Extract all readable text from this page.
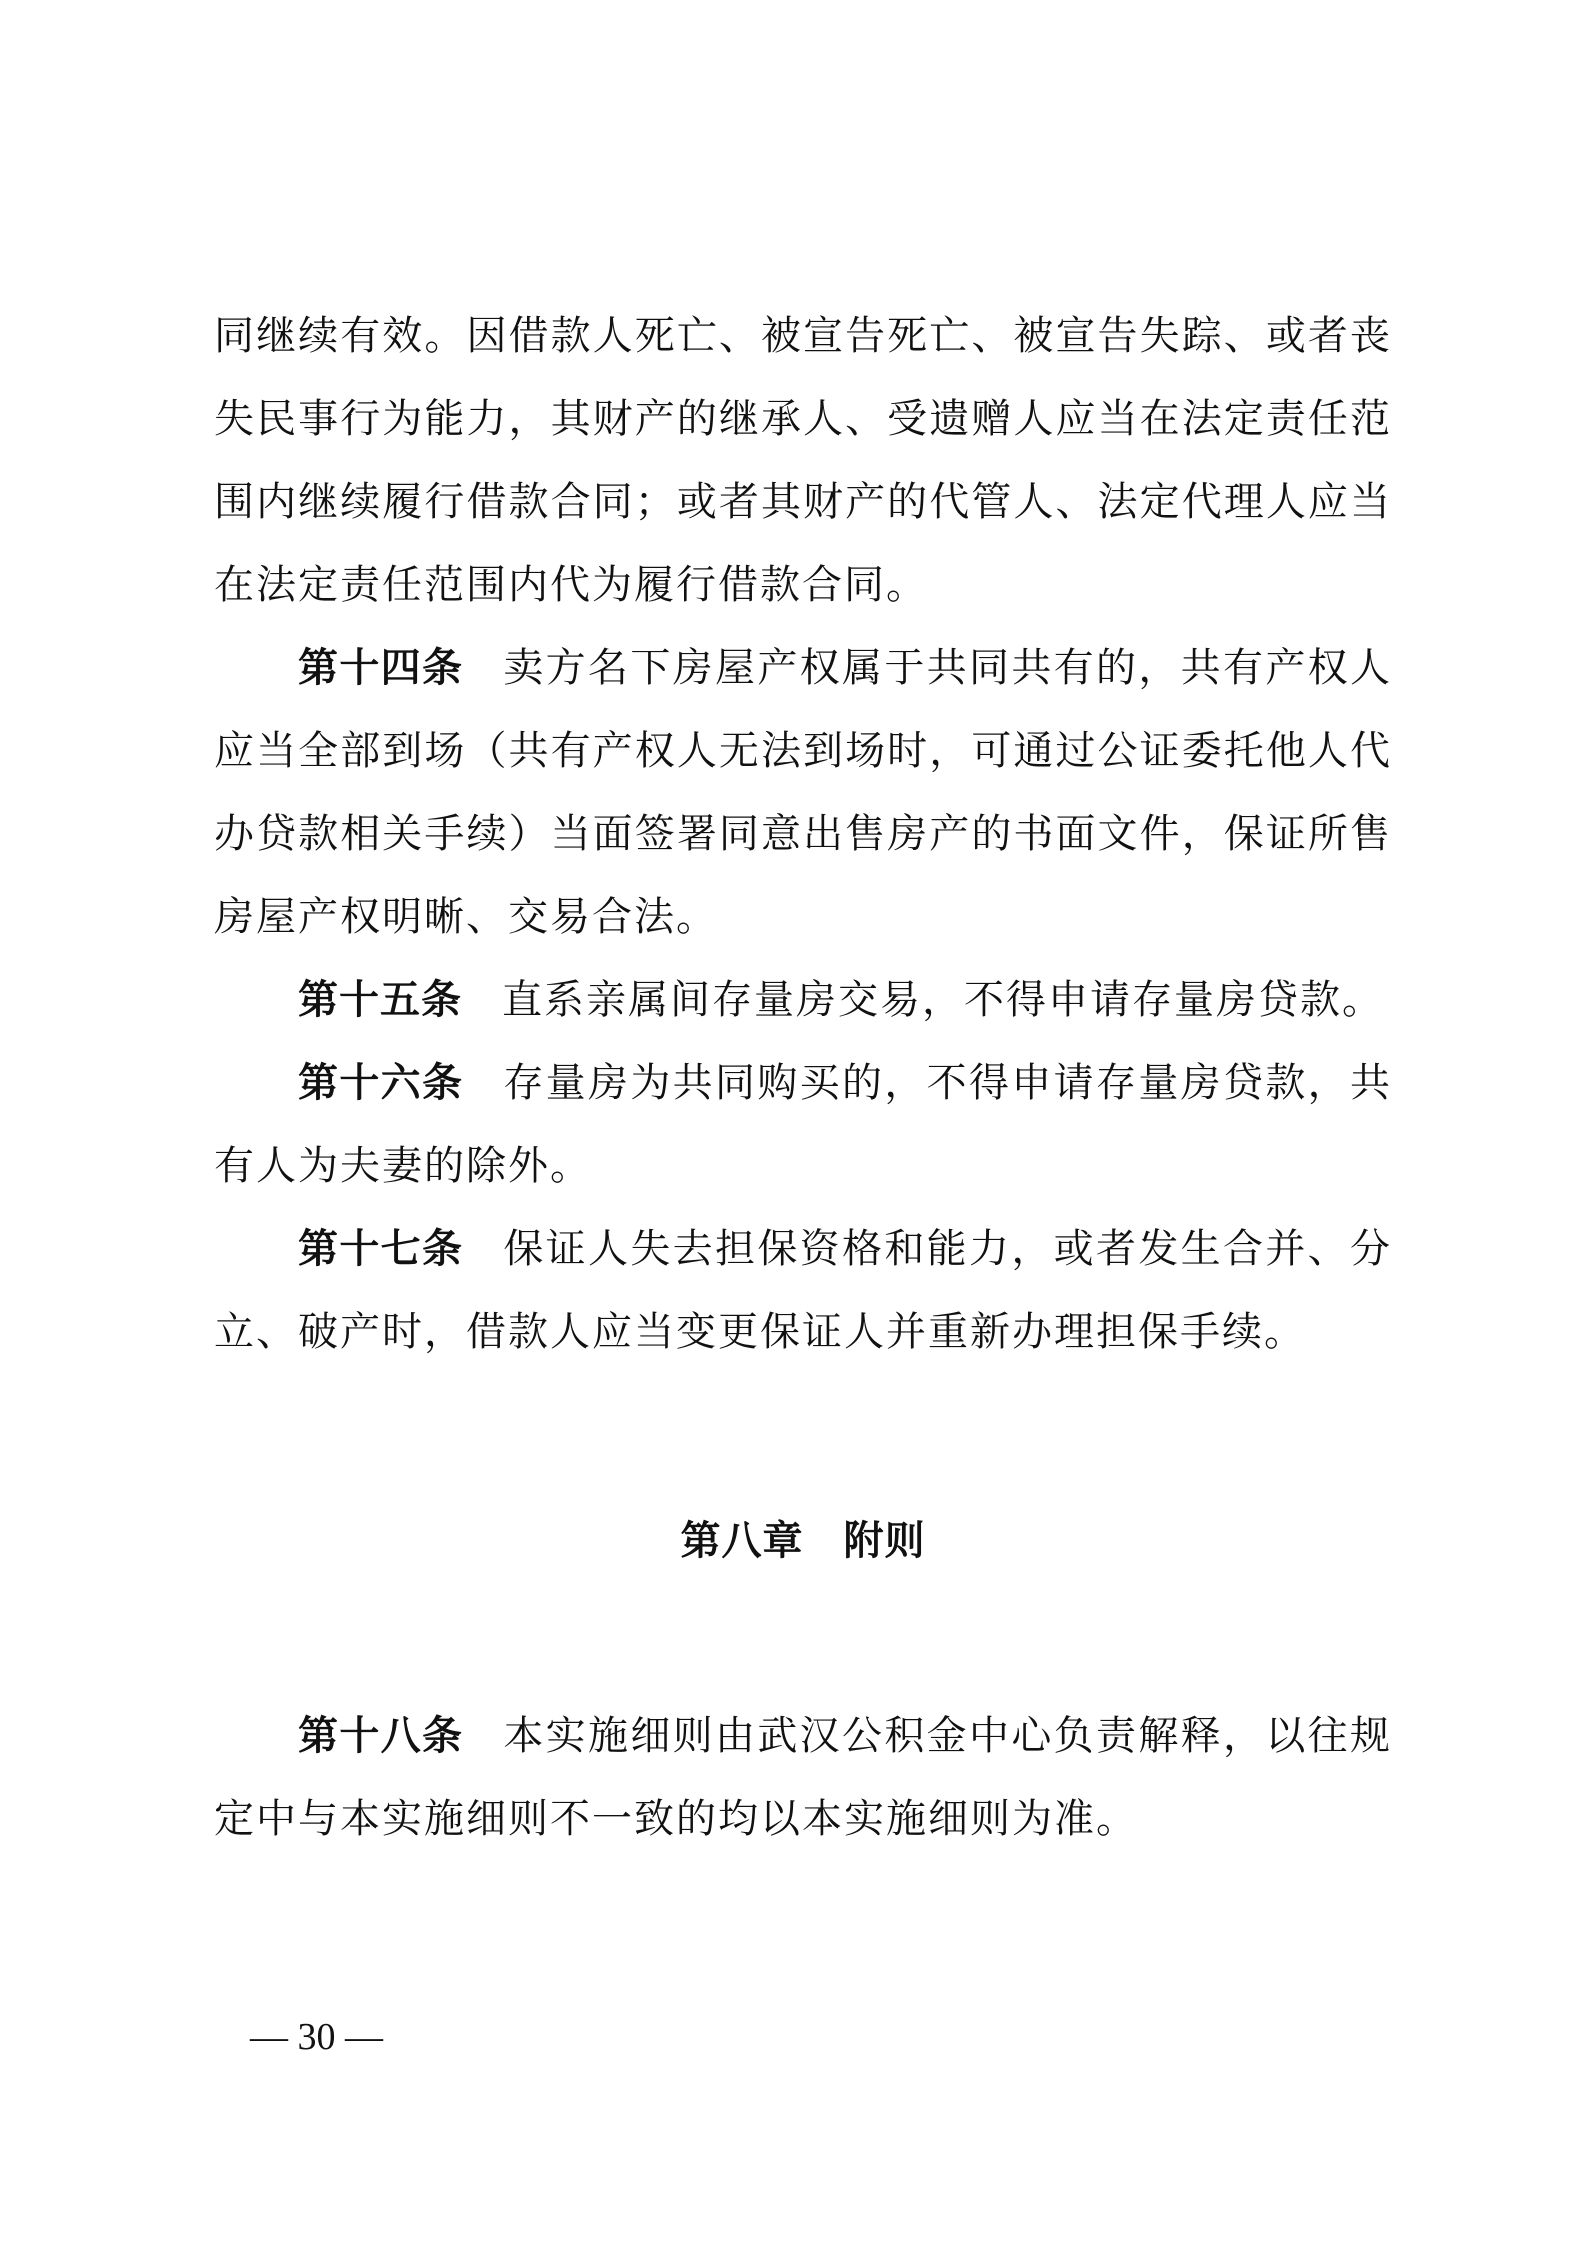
同继续有效。因借款人死亡、被宣告死亡、被宣告失踪、或者丧失民事行为能力，其财产的继承人、受遗赠人应当在法定责任范围内继续履行借款合同；或者其财产的代管人、法定代理人应当在法定责任范围内代为履行借款合同。

第十四条 卖方名下房屋产权属于共同共有的，共有产权人应当全部到场（共有产权人无法到场时，可通过公证委托他人代办贷款相关手续）当面签署同意出售房产的书面文件，保证所售房屋产权明晰、交易合法。

第十五条 直系亲属间存量房交易，不得申请存量房贷款。

第十六条 存量房为共同购买的，不得申请存量房贷款，共有人为夫妻的除外。

第十七条 保证人失去担保资格和能力，或者发生合并、分立、破产时，借款人应当变更保证人并重新办理担保手续。

第八章 附则

第十八条 本实施细则由武汉公积金中心负责解释，以往规定中与本实施细则不一致的均以本实施细则为准。

— 30 —
